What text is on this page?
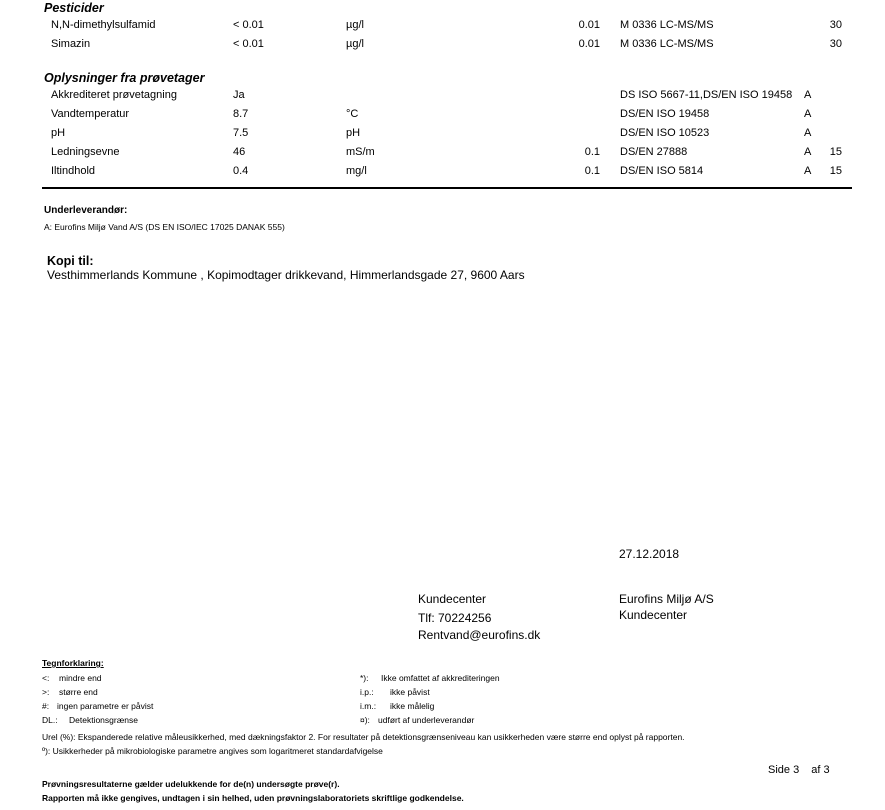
Pesticider
N,N-dimethylsulfamid	< 0.01	µg/l	0.01 M 0336 LC-MS/MS	30
Simazin	< 0.01	µg/l	0.01 M 0336 LC-MS/MS	30
Oplysninger fra prøvetager
Akkrediteret prøvetagning	Ja	DS ISO 5667-11,DS/EN ISO 19458 A
Vandtemperatur	8.7	°C	DS/EN ISO 19458	A
pH	7.5	pH	DS/EN ISO 10523	A
Ledningsevne	46	mS/m	0.1 DS/EN 27888	A 15
Iltindhold	0.4	mg/l	0.1 DS/EN ISO 5814	A 15
Underleverandør:
A: Eurofins Miljø Vand A/S (DS EN ISO/IEC 17025 DANAK 555)
Kopi til:
Vesthimmerlands Kommune , Kopimodtager drikkevand, Himmerlandsgade 27, 9600 Aars
27.12.2018
Kundecenter
Tlf: 70224256
Rentvand@eurofins.dk
Eurofins Miljø A/S
Kundecenter
Tegnforklaring:
<: mindre end
>: større end
#: ingen parametre er påvist
DL.: Detektionsgrænse
*): Ikke omfattet af akkrediteringen
i.p.: ikke påvist
i.m.: ikke målelig
¤): udført af underleverandør
Urel (%): Ekspanderede relative måleusikkerhed, med dækningsfaktor 2. For resultater på detektionsgrænseniveau kan usikkerheden være større end oplyst på rapporten.
º): Usikkerheder på mikrobiologiske parametre angives som logaritmeret standardafvigelse
Side 3 af 3
Prøvningsresultaterne gælder udelukkende for de(n) undersøgte prøve(r).
Rapporten må ikke gengives, undtagen i sin helhed, uden prøvningslaboratoriets skriftlige godkendelse.
